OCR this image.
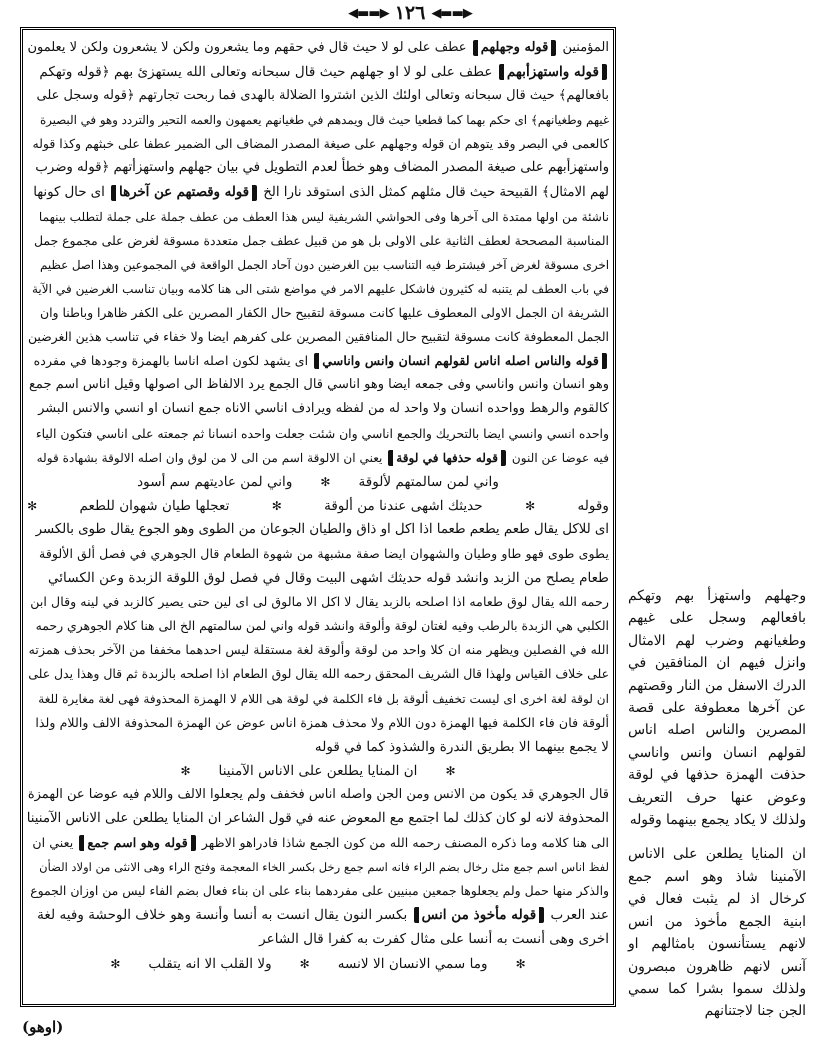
◀▬▬▶ ١٢٦ ◀▬▬▶
المؤمنين قوله وجهلهم عطف على لو لا حيث قال في حقهم وما يشعرون ولكن لا يشعرون ولكن لا يعلمون
قوله واستهزأبهم عطف على لو لا او جهلهم حيث قال سبحانه وتعالى الله يستهزئ بهم ﴿قوله وتهكم
بافعالهم﴾ حيث قال سبحانه وتعالى اولئك الذين اشتروا الضلالة بالهدى فما ربحت تجارتهم ﴿قوله وسجل على
غيهم وطغيانهم﴾ اى حكم بهما كما قطعيا حيث قال ويمدهم في طغيانهم يعمهون والعمه التحير والتردد وهو في البصيرة
كالعمى في البصر وقد يتوهم ان قوله وجهلهم على صيغة المصدر المضاف الى الضمير عطفا على خبثهم وكذا قوله
واستهزأبهم على صيغة المصدر المضاف وهو خطأ لعدم التطويل في بيان جهلهم واستهزأتهم ﴿قوله وضرب
لهم الامثال﴾ القبيحة حيث قال مثلهم كمثل الذى استوقد نارا الخ قوله وقصتهم عن آخرها اى حال كونها
ناشئة من اولها ممتدة الى آخرها وفى الحواشي الشريفية ليس هذا العطف من عطف جملة على جملة لتطلب بينهما
المناسبة المصححة لعطف الثانية على الاولى بل هو من قبيل عطف جمل متعددة مسوقة لغرض على مجموع جمل
اخرى مسوقة لغرض آخر فيشترط فيه التناسب بين الغرضين دون آحاد الجمل الواقعة في المجموعين وهذا اصل عظيم
في باب العطف لم يتنبه له كثيرون فاشكل عليهم الامر في مواضع شتى الى هنا كلامه وبيان تناسب الغرضين في الآية
الشريفة ان الجمل الاولى المعطوف عليها كانت مسوقة لتقبيح حال الكفار المصرين على الكفر ظاهرا وباطنا وان
الجمل المعطوفة كانت مسوقة لتقبيح حال المنافقين المصرين على كفرهم ايضا ولا خفاء في تناسب هذين الغرضين
قوله والناس اصله اناس لقولهم انسان وانس واناسي اى يشهد لكون اصله اناسا بالهمزة وجودها في مفرده
وهو انسان وانس واناسي وفى جمعه ايضا وهو اناسي قال الجمع يرد الالفاظ الى اصولها وقيل اناس اسم جمع
كالقوم والرهط وواحده انسان ولا واحد له من لفظه ويرادف اناسي الاناه جمع انسان او انسي والانس البشر
واحده انسي وانسي ايضا بالتحريك والجمع اناسي وان شئت جعلت واحده انسانا ثم جمعته على اناسي فتكون الياء
فيه عوضا عن النون قوله حذفها في لوقة يعني ان الالوقة اسم من الى لا من لوق وان اصله الالوقة بشهادة قوله
واني لمن سالمتهم لألوقة
✻
واني لمن عاديتهم سم أسود
وقوله
✻
حديثك اشهى عندنا من ألوقة
✻
تعجلها طيان شهوان للطعم
✻
اى للاكل يقال طعم يطعم طعما اذا اكل او ذاق والطيان الجوعان من الطوى وهو الجوع يقال طوى بالكسر
يطوى طوى فهو طاو وطيان والشهوان ايضا صفة مشبهة من شهوة الطعام قال الجوهري في فصل ألق الألوقة
طعام يصلح من الزبد وانشد قوله حديثك اشهى البيت وقال في فصل لوق اللوقة الزبدة وعن الكسائي
رحمه الله يقال لوق طعامه اذا اصلحه بالزبد يقال لا اكل الا مالوق لى اى لين حتى يصير كالزبد في لينه وقال ابن
الكلبي هي الزبدة بالرطب وفيه لغتان لوقة وألوقة وانشد قوله واني لمن سالمتهم الخ الى هنا كلام الجوهري رحمه
الله في الفصلين ويظهر منه ان كلا واحد من لوقة وألوقة لغة مستقلة ليس احدهما مخففا من الآخر بحذف همزته
على خلاف القياس ولهذا قال الشريف المحقق رحمه الله يقال لوق الطعام اذا اصلحه بالزبدة ثم قال وهذا يدل على
ان لوقة لغة اخرى اى ليست تخفيف ألوقة بل فاء الكلمة في لوقة هى اللام لا الهمزة المحذوفة فهى لغة مغايرة للغة
ألوقة فان فاء الكلمة فيها الهمزة دون اللام ولا محذف همزة اناس عوض عن الهمزة المحذوفة الالف واللام ولذا
لا يجمع بينهما الا بطريق الندرة والشذوذ كما في قوله
✻
ان المنايا يطلعن على الاناس الآمنينا
✻
قال الجوهري قد يكون من الانس ومن الجن واصله اناس فخفف ولم يجعلوا الالف واللام فيه عوضا عن الهمزة
المحذوفة لانه لو كان كذلك لما اجتمع مع المعوض عنه في قول الشاعر ان المنايا يطلعن على الاناس الآمنينا
الى هنا كلامه وما ذكره المصنف رحمه الله من كون الجمع شاذا فادراهو الاظهر قوله وهو اسم جمع يعني ان
لفظ اناس اسم جمع مثل رخال بضم الراء فانه اسم جمع رخل بكسر الخاء المعجمة وفتح الراء وهى الانثى من اولاد الضأن
والذكر منها حمل ولم يجعلوها جمعين مبنيين على مفردهما بناء على ان بناء فعال بضم الفاء ليس من اوزان الجموع
عند العرب قوله مأخوذ من انس بكسر النون يقال انست به أنسا وأنسة وهو خلاف الوحشة وفيه لغة
اخرى وهى أنست به أنسا على مثال كفرت به كفرا قال الشاعر
✻
وما سمي الانسان الا لانسه
✻
ولا القلب الا انه يتقلب
✻

وجهلهم واستهزأ بهم وتهكم بافعالهم وسجل على غيهم وطغيانهم وضرب لهم الامثال وانزل فيهم ان المنافقين في الدرك الاسفل من النار وقصتهم عن آخرها معطوفة على قصة المصرين والناس اصله اناس لقولهم انسان وانس واناسي حذفت الهمزة حذفها في لوقة وعوض عنها حرف التعريف ولذلك لا يكاد يجمع بينهما وقوله

ان المنايا يطلعن على الاناس الآمنينا شاذ وهو اسم جمع كرخال اذ لم يثبت فعال في ابنية الجمع مأخوذ من انس لانهم يستأنسون بامثالهم او آنس لانهم ظاهرون مبصرون ولذلك سموا بشرا كما سمي الجن جنا لاجتنانهم

(اوهو)
